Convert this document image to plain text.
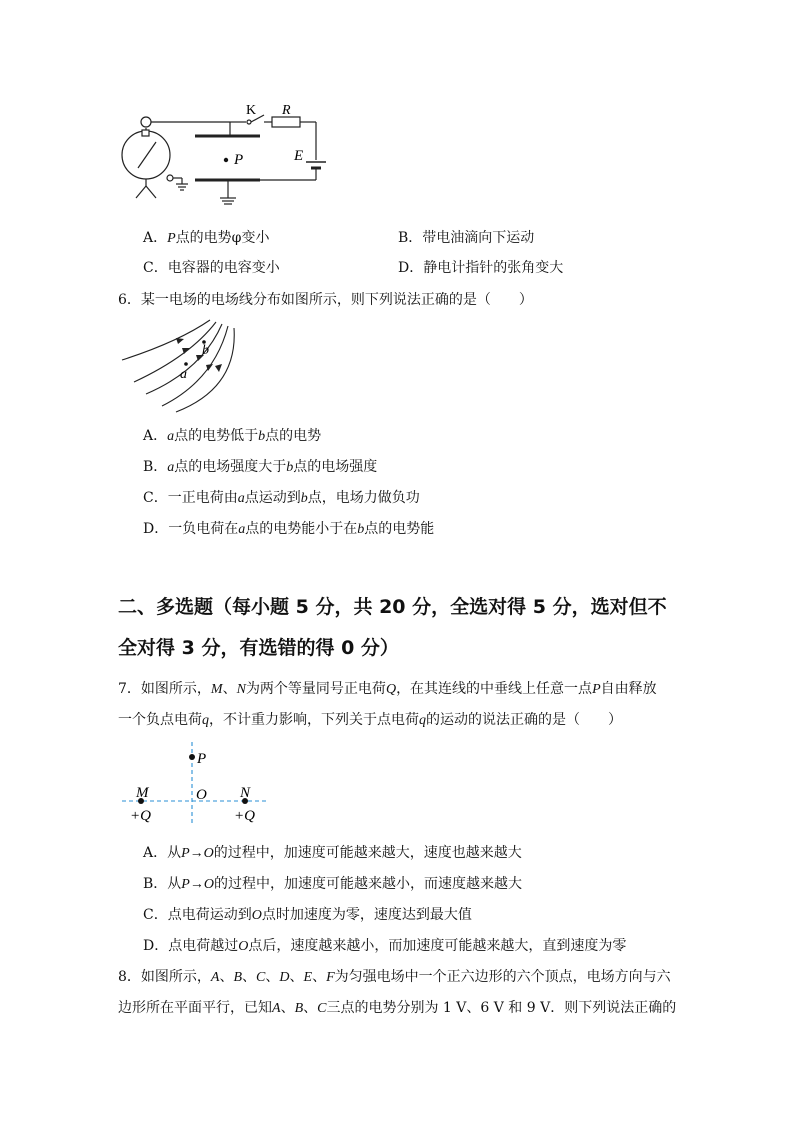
K R
P	E
A．P点的电势φ变小	B．带电油滴向下运动
C．电容器的电容变小	D．静电计指针的张角变大
6．某一电场的电场线分布如图所示，则下列说法正确的是（　　）
a
b
A．a点的电势低于b点的电势
B．a点的电场强度大于b点的电场强度
C．一正电荷由a点运动到b点，电场力做负功
D．一负电荷在a点的电势能小于在b点的电势能
二、多选题（每小题 5 分，共 20 分，全选对得 5 分，选对但不
全对得 3 分，有选错的得 0 分）
7．如图所示，M、N为两个等量同号正电荷Q，在其连线的中垂线上任意一点P自由释放
一个负点电荷q，不计重力影响，下列关于点电荷q的运动的说法正确的是（　　）
P
O
M	N
+Q	+Q
A．从P→O的过程中，加速度可能越来越大，速度也越来越大
B．从P→O的过程中，加速度可能越来越小，而速度越来越大
C．点电荷运动到O点时加速度为零，速度达到最大值
D．点电荷越过O点后，速度越来越小，而加速度可能越来越大，直到速度为零
8．如图所示，A、B、C、D、E、F为匀强电场中一个正六边形的六个顶点，电场方向与六
边形所在平面平行，已知A、B、C三点的电势分别为 1 V、6 V 和 9 V．则下列说法正确的
